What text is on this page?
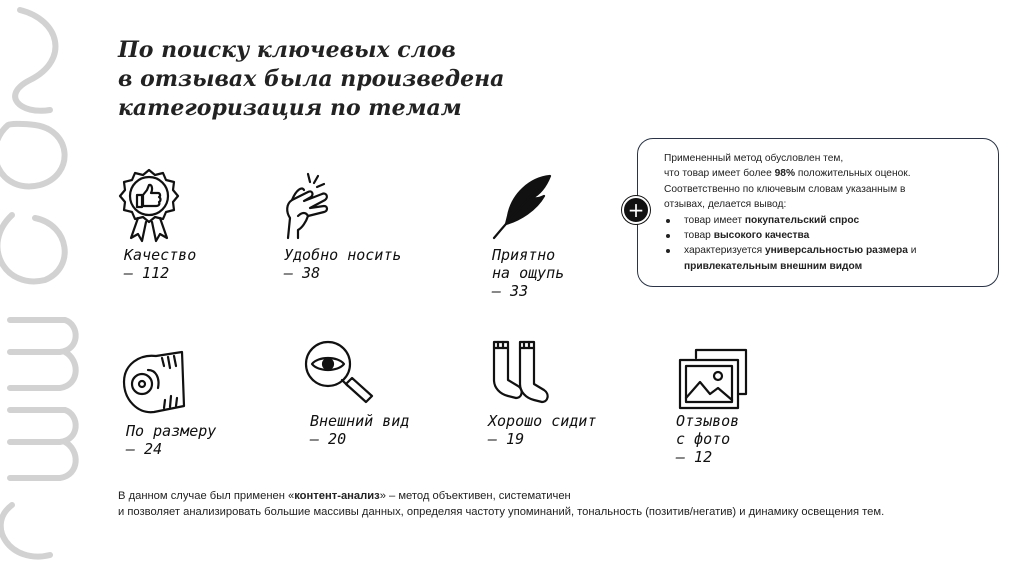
По поиску ключевых слов
в отзывах была произведена
категоризация по темам
Качество
– 112
Удобно носить
– 38
Приятно
на ощупь
– 33

Примененный метод обусловлен тем,

что товар имеет более 98% положительных оценок.

Соответственно по ключевым словам указанным в

отзывах, делается вывод:

товар имеет покупательский спрос
товар высокого качества
характеризуется универсальностью размера и

привлекательным внешним видом

+
По размеру
– 24
Внешний вид
– 20
Хорошо сидит
– 19
Отзывов
с фото
– 12
В данном случае был применен «контент-анализ» – метод объективен, систематичен
и позволяет анализировать большие массивы данных, определяя частоту упоминаний, тональность (позитив/негатив) и динамику освещения тем.
